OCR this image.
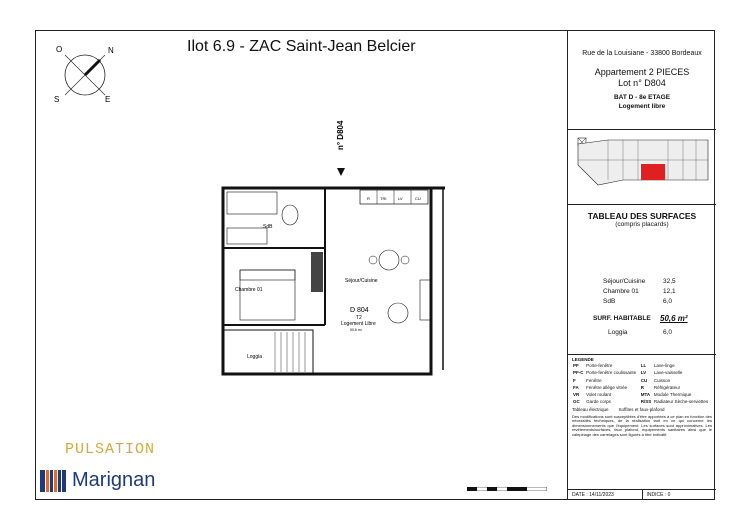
Ilot 6.9 - ZAC Saint-Jean Belcier
N
E
S
O
n° D804
R	TRI	LV	CU
SdB
Chambre 01
Séjour/Cuisine
Loggia
D 804
T2
Logement Libre
50.6 m²
Rue de la Louisiane - 33800 Bordeaux
Appartement 2 PIECES
Lot n° D804
BAT D - 8e ETAGE
Logement libre
TABLEAU DES SURFACES
(compris placards)
Séjour/Cuisine	32,5
Chambre 01	12,1
SdB	6,0
SURF. HABITABLE 50,6 m²
Loggia	6,0
LEGENDE
PF	Porte-fenêtre	LL	Lave-linge
PF-C	Porte-fenêtre coulissante	LV	Lave-vaisselle
F	Fenêtre	CU	Cuisson
FA	Fenêtre allège vitrée	R	Réfrigérateur
VR	Volet roulant	MTA	Module Thermique
GC	Garde corps	R/SS	Radiateur Sèche-serviettes
Tableau électrique Soffites et faux-plafond
Des modifications sont susceptibles d'être apportées à ce plan en fonction des nécessités techniques, de la réalisation tant en ce qui concerne les dimensionnements que l'équipement. Les surfaces sont approximatives. Les revêtements/surfaces, faux plafond, équipements sanitaires ainsi que le calepinage des carrelages sont figurés à titre indicatif.
DATE : 14/11/2023	INDICE : 0
PULSATION
Marignan
